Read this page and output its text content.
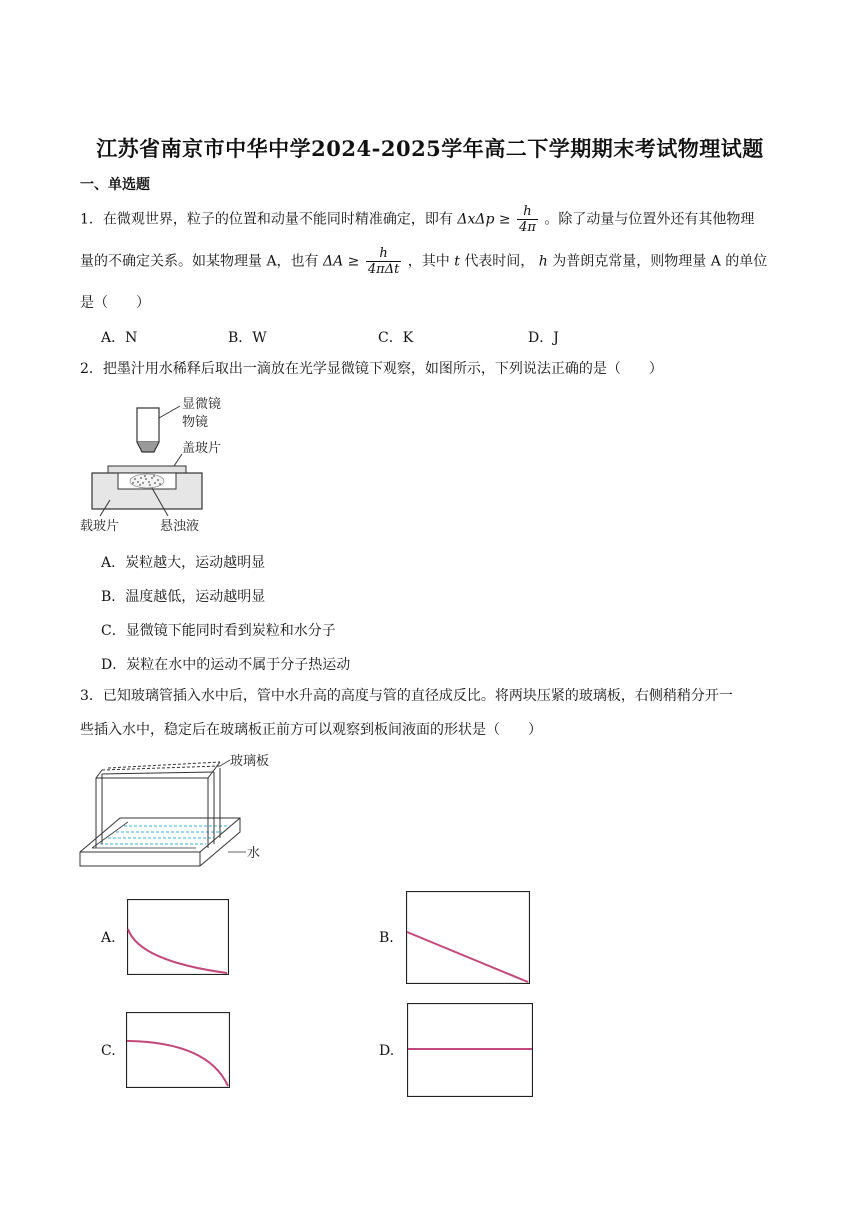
江苏省南京市中华中学2024-2025学年高二下学期期末考试物理试题
一、单选题
1．在微观世界，粒子的位置和动量不能同时精准确定，即有 $\Delta x\Delta p \ge \frac{h}{4\pi}$ 。除了动量与位置外还有其他物理
量的不确定关系。如某物理量 A，也有 $\Delta A \ge \frac{h}{\text{4πΔt}}$ ，其中 t 代表时间， h 为普朗克常量，则物理量 A 的单位
是（　　）
A．N	B．W	C．K	D．J
2．把墨汁用水稀释后取出一滴放在光学显微镜下观察，如图所示，下列说法正确的是（　　）
显微镜
物镜
盖玻片
载玻片	悬浊液
A．炭粒越大，运动越明显
B．温度越低，运动越明显
C．显微镜下能同时看到炭粒和水分子
D．炭粒在水中的运动不属于分子热运动
3．已知玻璃管插入水中后，管中水升高的高度与管的直径成反比。将两块压紧的玻璃板，右侧稍稍分开一
些插入水中，稳定后在玻璃板正前方可以观察到板间液面的形状是（　　）
玻璃板
水
A.	B.
C.	D.
